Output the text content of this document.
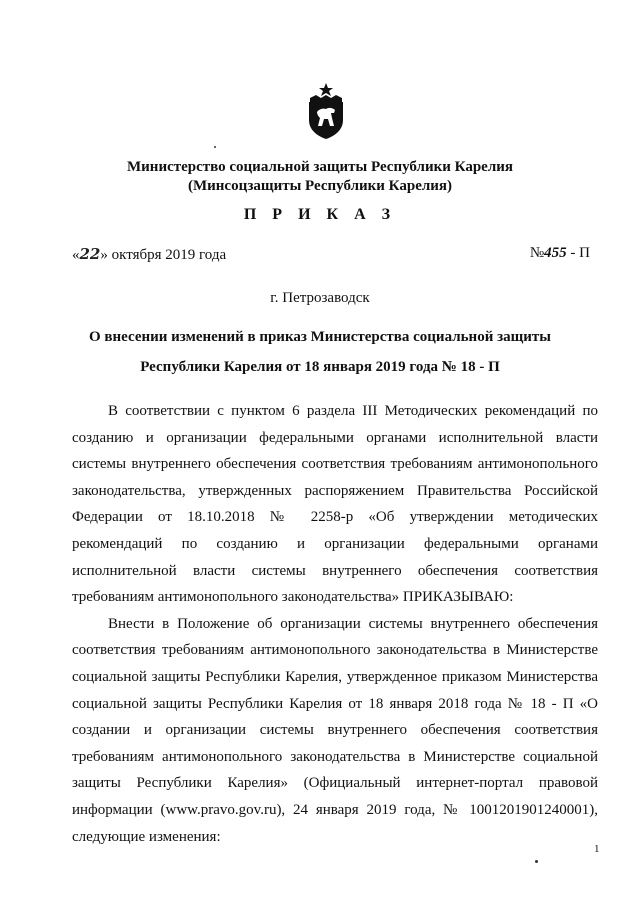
Министерство социальной защиты Республики Карелия
(Минсоцзащиты Республики Карелия)
П Р И К А З
«22» октября 2019 года	№455 - П
г. Петрозаводск
О внесении изменений в приказ Министерства социальной защиты
Республики Карелия от 18 января 2019 года № 18 - П

В соответствии с пунктом 6 раздела III Методических рекомендаций по созданию и организации федеральными органами исполнительной власти системы внутреннего обеспечения соответствия требованиям антимонопольного законодательства, утвержденных распоряжением Правительства Российской Федерации от 18.10.2018 № 2258-р «Об утверждении методических рекомендаций по созданию и организации федеральными органами исполнительной власти системы внутреннего обеспечения соответствия требованиям антимонопольного законодательства» ПРИКАЗЫВАЮ:

Внести в Положение об организации системы внутреннего обеспечения соответствия требованиям антимонопольного законодательства в Министерстве социальной защиты Республики Карелия, утвержденное приказом Министерства социальной защиты Республики Карелия от 18 января 2018 года № 18 - П «О создании и организации системы внутреннего обеспечения соответствия требованиям антимонопольного законодательства в Министерстве социальной защиты Республики Карелия» (Официальный интернет-портал правовой информации (www.pravo.gov.ru), 24 января 2019 года, № 1001201901240001), следующие изменения:

1
